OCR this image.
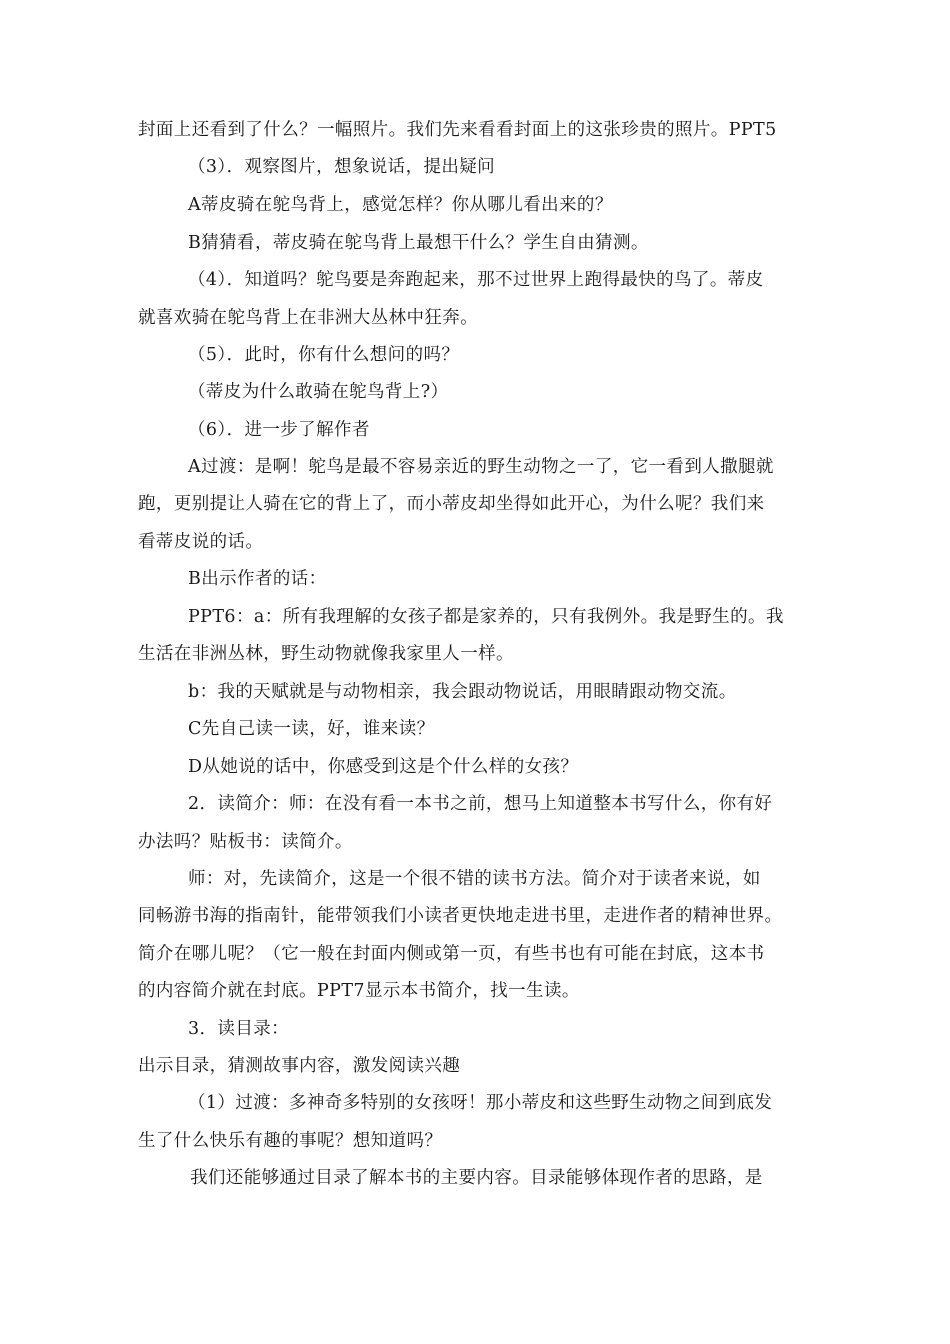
封面上还看到了什么？一幅照片。我们先来看看封面上的这张珍贵的照片。PPT5
（3）．观察图片，想象说话，提出疑问
A蒂皮骑在鸵鸟背上，感觉怎样？你从哪儿看出来的？
B猜猜看，蒂皮骑在鸵鸟背上最想干什么？学生自由猜测。
（4）．知道吗？鸵鸟要是奔跑起来，那不过世界上跑得最快的鸟了。蒂皮
就喜欢骑在鸵鸟背上在非洲大丛林中狂奔。
（5）．此时，你有什么想问的吗？
（蒂皮为什么敢骑在鸵鸟背上?）
（6）．进一步了解作者
A过渡：是啊！鸵鸟是最不容易亲近的野生动物之一了，它一看到人撒腿就
跑，更别提让人骑在它的背上了，而小蒂皮却坐得如此开心，为什么呢？我们来
看蒂皮说的话。
B出示作者的话：
PPT6：a：所有我理解的女孩子都是家养的，只有我例外。我是野生的。我
生活在非洲丛林，野生动物就像我家里人一样。
b：我的天赋就是与动物相亲，我会跟动物说话，用眼睛跟动物交流。
C先自己读一读，好，谁来读？
D从她说的话中，你感受到这是个什么样的女孩？
2．读简介：师：在没有看一本书之前，想马上知道整本书写什么，你有好
办法吗？贴板书：读简介。
师：对，先读简介，这是一个很不错的读书方法。简介对于读者来说，如
同畅游书海的指南针，能带领我们小读者更快地走进书里，走进作者的精神世界。
简介在哪儿呢？（它一般在封面内侧或第一页，有些书也有可能在封底，这本书
的内容简介就在封底。PPT7显示本书简介，找一生读。
3．读目录：
出示目录，猜测故事内容，激发阅读兴趣
（1）过渡：多神奇多特别的女孩呀！那小蒂皮和这些野生动物之间到底发
生了什么快乐有趣的事呢？想知道吗？
我们还能够通过目录了解本书的主要内容。目录能够体现作者的思路，是
